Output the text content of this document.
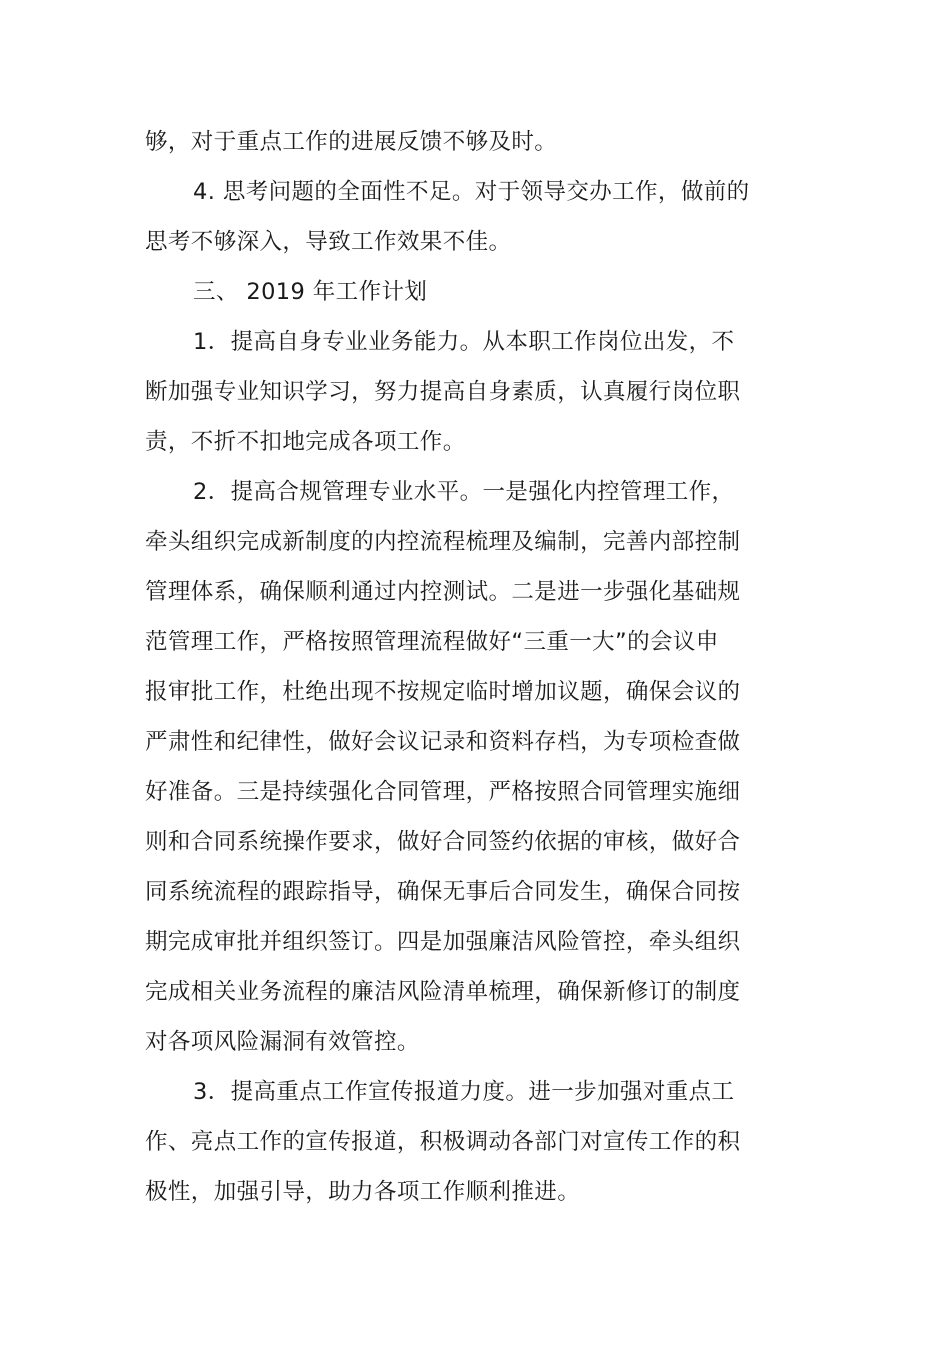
够，对于重点工作的进展反馈不够及时。
4. 思考问题的全面性不足。对于领导交办工作，做前的
思考不够深入，导致工作效果不佳。
三、 2019 年工作计划
1．提高自身专业业务能力。从本职工作岗位出发，不
断加强专业知识学习，努力提高自身素质，认真履行岗位职
责，不折不扣地完成各项工作。
2．提高合规管理专业水平。一是强化内控管理工作，
牵头组织完成新制度的内控流程梳理及编制，完善内部控制
管理体系，确保顺利通过内控测试。二是进一步强化基础规
范管理工作，严格按照管理流程做好“三重一大”的会议申
报审批工作，杜绝出现不按规定临时增加议题，确保会议的
严肃性和纪律性，做好会议记录和资料存档，为专项检查做
好准备。三是持续强化合同管理，严格按照合同管理实施细
则和合同系统操作要求，做好合同签约依据的审核，做好合
同系统流程的跟踪指导，确保无事后合同发生，确保合同按
期完成审批并组织签订。四是加强廉洁风险管控，牵头组织
完成相关业务流程的廉洁风险清单梳理，确保新修订的制度
对各项风险漏洞有效管控。
3．提高重点工作宣传报道力度。进一步加强对重点工
作、亮点工作的宣传报道，积极调动各部门对宣传工作的积
极性，加强引导，助力各项工作顺利推进。
